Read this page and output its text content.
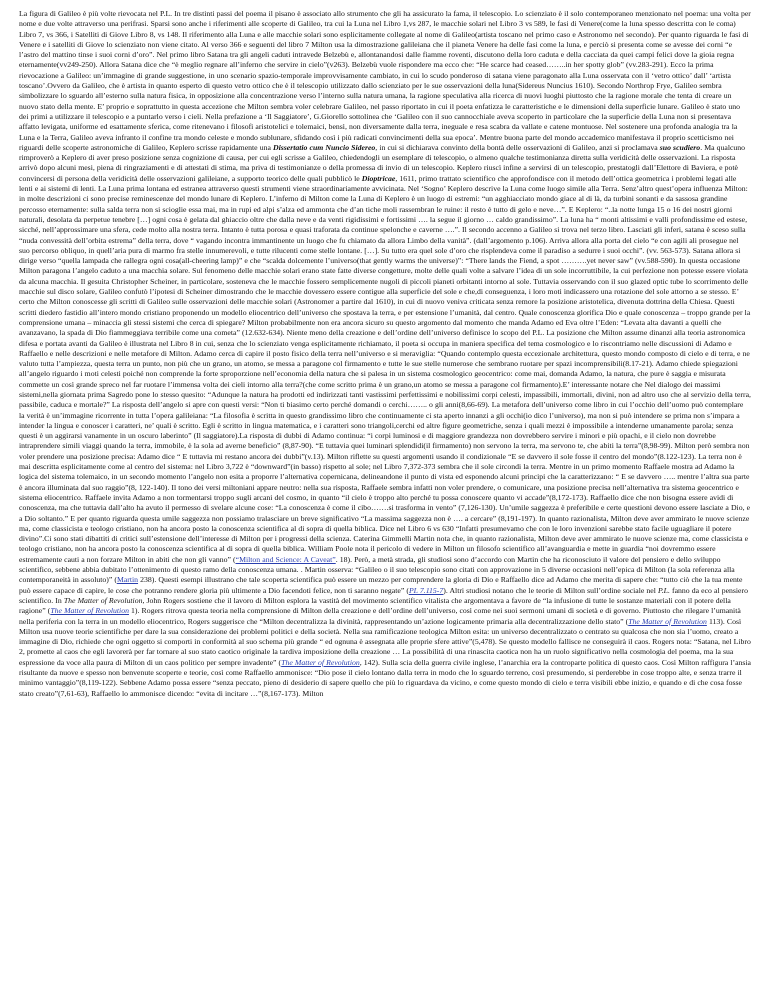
La figura di Galileo è più volte rievocata nel P.L. In tre distinti passi del poema il pisano è associato allo strumento che gli ha assicurato la fama, il telescopio. Lo scienziato è il solo contemporaneo menzionato nel poema: una volta per nome e due volte attraverso una perifrasi. Sparsi sono anche i riferimenti alle scoperte di Galileo, tra cui la Luna nel Libro 1,vs 287, le macchie solari nel Libro 3 vs 589, le fasi di Venere(come la luna spesso descritta con le coma) Libro 7, vs 366, i Satelliti di Giove Libro 8, vs 148. Il riferimento alla Luna e alle macchie solari sono esplicitamente collegate al nome di Galileo(artista toscano nel primo caso e Astronomo nel secondo). Per quanto riguarda le fasi di Venere e i satelliti di Giove lo scienziato non viene citato. Al verso 366 e seguenti del libro 7 Milton usa la dimostrazione galileiana che il pianeta Venere ha delle fasi come la luna, e perciò si presenta come se avesse dei corni “e l’astro del mattino tinse i suoi corni d’oro”. Nel primo libro Satana tra gli angeli caduti intravede Belzebù e, allontanandosi dalle fiamme roventi, discutono della loro caduta e della cacciata da quei campi felici dove la gioia regna eternamente(vv249-250). Allora Satana dice che “è meglio regnare all’inferno che servire in cielo”(v263). Belzebù vuole rispondere ma ecco che: “He scarce had ceased……..in her spotty glob” (vv.283-291). Ecco la prima rievocazione a Galileo: un’immagine di grande suggestione, in uno scenario spazio-temporale improvvisamente cambiato, in cui lo scudo ponderoso di satana viene paragonato alla Luna osservata con il ‘vetro ottico’ dall’ ‘artista toscano’.Ovvero da Galileo, che è artista in quanto esperto di questo vetro ottico che è il telescopio utilizzato dallo scienziato per le sue osservazioni della luna(Sidereus Nuncius 1610). Secondo Northrop Frye, Galileo sembra simbolizzare lo sguardo all’esterno sulla natura fisica, in opposizione alla concentrazione verso l’interno sulla natura umana, la ragione speculativa alla ricerca di nuovi luoghi piuttosto che la ragione morale che tenta di creare un nuovo stato della mente. E’ proprio e soprattutto in questa accezione che Milton sembra voler celebrare Galileo, nel passo riportato in cui il poeta enfatizza le caratteristiche e le dimensioni della superficie lunare. Galileo è stato uno dei primi a utilizzare il telescopio e a puntarlo verso i cieli. Nella prefazione a ‘Il Saggiatore’, G.Giorello sottolinea che ‘Galileo con il suo cannocchiale aveva scoperto in particolare che la superficie della Luna non si presentava affatto levigata, uniforme ed esattamente sferica, come ritenevano i filosofi aristotelici e tolemaici, bensì, non diversamente dalla terra, ineguale e resa scabra da vallate e catene montuose. Nel sostenere una profonda analogia tra la Luna e la Terra, Galileo aveva infranto il confine tra mondo celeste e mondo sublunare, sfidando così i più radicati convincimenti della sua epoca’. Mentre buona parte del mondo accademico manifestava il proprio scetticismo nei riguardi delle scoperte astronomiche di Galileo, Keplero scrisse rapidamente una Dissertatio cum Nuncio Sidereo, in cui si dichiarava convinto della bontà delle osservazioni di Galileo, anzi si proclamava suo scudiero. Ma qualcuno rimproverò a Keplero di aver preso posizione senza cognizione di causa, per cui egli scrisse a Galileo, chiedendogli un esemplare di telescopio, o almeno qualche testimonianza diretta sulla veridicità delle osservazioni. La risposta arrivò dopo alcuni mesi, piena di ringraziamenti e di attestati di stima, ma priva di testimonianze o della promessa di invio di un telescopio. Keplero riuscì infine a servirsi di un telescopio, prestatogli dall’Elettore di Baviera, e potè convincersi di persona della veridicità delle osservazioni galileiane, a supporto teorico delle quali pubblicò le Dioptricae, 1611, primo trattato scientifico che approfondisce con il metodo dell’ottica geometrica i problemi legati alle lenti e ai sistemi di lenti. La Luna prima lontana ed estranea attraverso questi strumenti viene straordinariamente avvicinata. Nel ‘Sogno’ Keplero descrive la Luna come luogo simile alla Terra. Senz’altro quest’opera influenza Milton: in molte descrizioni ci sono precise reminescenze del mondo lunare di Keplero. L’inferno di Milton come la Luna di Keplero è un luogo di estremi: “un agghiacciato mondo giace al di là, da turbini sonanti e da sassosa grandine percosso eternamente: sulla salda terra non si scioglie essa mai, ma in rupi ed alpi s’alza ed ammonta che d’an tiche moli rassembran le ruine: il resto è tutto di gelo e neve…”. E Keplero: “..la notte lunga 15 o 16 dei nostri giorni naturali, desolata da perpetue tenebre […] ogni cosa è gelata dal ghiaccio oltre che dalla neve e da venti rigidissimi e fortissimi …. la segue il giorno … caldo grandissimo”. La luna ha “ monti altissimi e valli profondissime ed estese, sicché, nell’approssimare una sfera, cede molto alla nostra terra. Intanto è tutta porosa e quasi traforata da continue spelonche e caverne ….”. Il secondo accenno a Galileo si trova nel terzo libro. Lasciati gli inferi, satana è sceso sulla “nuda convessità dell’orbita estrema” della terra, dove “ vagando incontra immantinente un luogo che fu chiamato da allora Limbo della vanità”. (dall’argomento p.106). Arriva allora alla porta del cielo “e con agili ali prosegue nel suo percorso obliquo, in quell’aria pura di marmo fra stelle innumerevoli, e tutte rilucenti come stelle lontane. […]. Su tutto era quel sole d’oro che risplendeva come il paradiso a sedurre i suoi occhi”. (vv. 563-573). Satana allora si dirige verso “quella lampada che rallegra ogni cosa(all-cheering lamp)” e che “scalda dolcemente l’universo(that gently warms the universe)”: “There lands the Fiend, a spot ……….yet never saw” (vv.588-590). In questa occasione Milton paragona l’angelo caduto a una macchia solare. Sul fenomeno delle macchie solari erano state fatte diverse congetture, molte delle quali volte a salvare l’idea di un sole incorruttibile, la cui perfezione non potesse essere violata da alcuna macchia. Il gesuita Christopher Scheiner, in particolare, sosteneva che le macchie fossero semplicemente nugoli di piccoli pianeti orbitanti intorno al sole. Tuttavia osservando con il suo glazed optic tube lo scorrimento delle macchie sul disco solare, Galileo confutò l’ipotesi di Scheiner dimostrando che le macchie dovessero essere contigue alla superficie del sole e che,di conseguenza, i loro moti indicassero una rotazione del sole attorno a se stesso. E’ certo che Milton conoscesse gli scritti di Galileo sulle osservazioni delle macchie solari (Astronomer a partire dal 1610), in cui di nuovo veniva criticata senza remore la posizione aristotelica, divenuta dottrina della Chiesa. Questi scritti diedero fastidio all’intero mondo cristiano proponendo un modello eliocentrico dell’universo che spostava la terra, e per estensione l’umanità, dal centro. Quale conoscenza glorifica Dio e quale conoscenza – troppo grande per la comprensione umana – minaccia gli stessi sistemi che cerca di spiegare? Milton probabilmente non era ancora sicuro su questo argomento dal momento che manda Adamo ed Eva oltre l’Eden: “Levata alta davanti a quelli che avanzavano, la spada di Dio fiammeggiava terribile come una cometa” (12.632-634). Niente meno della creazione e dell’ordine dell’universo definisce lo scopo del P.L. La posizione che Milton assume dinanzi alla teoria astronomica difesa e portata avanti da Galileo è illustrata nel Libro 8 in cui, senza che lo scienziato venga esplicitamente richiamato, il poeta si occupa in maniera specifica del tema cosmologico e lo riscontriamo nelle discussioni di Adamo e Raffaello e nelle descrizioni e nelle metafore di Milton. Adamo cerca di capire il posto fisico della terra nell’universo e si meraviglia: “Quando contemplo questa eccezionale architettura, questo mondo composto di cielo e di terra, e ne valuto tutta l’ampiezza, questa terra un punto, non più che un grano, un atomo, se messa a paragone col firmamento e tutte le sue stelle numerose che sembrano ruotare per spazi incomprensibili(8.17-21). Adamo chiede spiegazioni all’angelo riguardo i moti celesti poiché non comprende la forte sproporzione nell’economia della natura che si palesa in un sistema cosmologico geocentrico: come mai, domanda Adamo, la natura, che pure è saggia e misurata commette un così grande spreco nel far ruotare l’immensa volta dei cieli intorno alla terra?(che come scritto prima è un grano,un atomo se messa a paragone col firmamento).E’ interessante notare che Nel dialogo dei massimi sistemi,nella giornata prima Sagredo pone lo stesso quesito: “Adunque la natura ha prodotti ed indirizzati tanti vastissimi perfettissimi e nobilissimi corpi celesti, impassibili, immortali, divini, non ad altro uso che al servizio della terra, passibile, caduca e mortale?” La risposta dell’angelo si apre con questi versi: “Non ti biasimo certo perché domandi o cerchi…….. o gli anni(8,66-69). La metafora dell’universo come libro in cui l’occhio dell’uomo può contemplare la verità è un’immagine ricorrente in tutta l’opera galileiana: “La filosofia è scritta in questo grandissimo libro che continuamente ci sta aperto innanzi a gli occhi(io dico l’universo), ma non si può intendere se prima non s’impara a intender la lingua e conoscer i caratteri, ne’ quali è scritto. Egli è scritto in lingua matematica, e i caratteri sono triangoli,cerchi ed altre figure geometriche, senza i quali mezzi è impossibile a intenderne umanamente parola; senza questi è un aggirarsi vanamente in un oscuro laberinto” (Il saggiatore).La risposta di dubbi di Adamo continua: “i corpi luminosi e di maggiore grandezza non dovrebbero servire i minori e più opachi, e il cielo non dovrebbe intraprendere simili viaggi quando la terra, immobile, è la sola ad averne beneficio” (8,87-90). “E tuttavia quei luminari splendidi(il firmamento) non servono la terra, ma servono te, che abiti la terra”(8,98-99). Milton però sembra non voler prendere una posizione precisa: Adamo dice “ E tuttavia mi restano ancora dei dubbi”(v.13). Milton riflette su questi argomenti usando il condizionale “E se davvero il sole fosse il centro del mondo”(8.122-123). La terra non è mai descritta esplicitamente come al centro del sistema: nel Libro 3,722 è “downward”(in basso) rispetto al sole; nel Libro 7,372-373 sembra che il sole circondi la terra. Mentre in un primo momento Raffaele mostra ad Adamo la logica del sistema tolemaico, in un secondo momento l’angelo non esita a proporre l’alternativa copernicana, delineandone il punto di vista ed esponendo alcuni principi che la caratterizzano: “ E se davvero ….. mentre l’altra sua parte è ancora illuminata dal suo raggio”(8, 122-140). Il tono dei versi miltoniani appare neutro: nella sua risposta, Raffaele sembra infatti non voler prendere, o comunicare, una posizione precisa nell’alternativa tra sistema geocentrico e sistema eliocentrico. Raffaele invita Adamo a non tormentarsi troppo sugli arcani del cosmo, in quanto “il cielo è troppo alto perché tu possa conoscere quanto vi accade”(8,172-173). Raffaello dice che non bisogna essere avidi di conoscenza, ma che tuttavia dall’alto ha avuto il permesso di svelare alcune cose: “La conoscenza è come il cibo…….si trasforma in vento” (7,126-130). Un’umile saggezza è preferibile e certe questioni devono essere lasciate a Dio, e a Dio soltanto.” E per quanto riguarda questa umile saggezza non possiamo tralasciare un breve significativo “La massima saggezza non è …. a cercare” (8,191-197). In quanto razionalista, Milton deve aver ammirato le nuove scienze ma, come classicista e teologo cristiano, non ha ancora posto la conoscenza scientifica al di sopra di quella biblica. Dice nel Libro 6 vs 630 “Infatti presumevamo che con le loro invenzioni sarebbe stato facile uguagliare il potere divino”.Ci sono stati dibattiti di critici sull’estensione dell’interesse di Milton per i progressi della scienza. Caterina Gimmelli Martin nota che, in quanto razionalista, Milton deve aver ammirato le nuove scienze ma, come classicista e teologo cristiano, non ha ancora posto la conoscenza scientifica al di sopra di quella biblica. William Poole nota il pericolo di vedere in Milton un filosofo scientifico all’avanguardia e mette in guardia “noi dovremmo essere estremamente cauti a non forzare Milton in abiti che non gli vanno” (“Milton and Science: A Caveat”. 18). Però, a metà strada, gli studiosi sono d’accordo con Martin che ha riconosciuto il valore del pensiero e dello sviluppo scientifico, sebbene abbia dubitato l’ottenimento di questo ramo della conoscenza umana. . Martin osserva: “Galileo o il suo telescopio sono citati con approvazione in 5 diverse occasioni nell’epica di Milton (la sola referenza alla contemporaneità in assoluto)” (Martin 238). Questi esempi illustrano che tale scoperta scientifica può essere un mezzo per comprendere la gloria di Dio e Raffaello dice ad Adamo che merita di sapere che: “tutto ciò che la tua mente può essere capace di capire, le cose che potranno rendere gloria più ultimente a Dio facendoti felice, non ti saranno negate” (PL 7.115-7). Altri studiosi notano che le teorie di Milton sull’ordine sociale nel P.L. fanno da eco al pensiero scientifico. In The Matter of Revolution, John Rogers sostiene che il lavoro di Milton esplora la vastità del movimento scientifico vitalista che argomentava a favore de “la infusione di tutte le sostanze materiali con il potere della ragione” (The Matter of Revolution 1). Rogers ritrova questa teoria nella comprensione di Milton della creazione e dell’ordine dell’universo, così come nei suoi sermoni umani di società e di governo. Piuttosto che rilegare l’umanità nella periferia con la terra in un modello eliocentrico, Rogers suggerisce che “Milton decentralizza la divinità, rappresentando un’azione logicamente primaria alla decentralizzazione dello stato” (The Matter of Revolution 113). Così Milton usa nuove teorie scientifiche per dare la sua considerazione dei problemi politici e della società. Nella sua ramificazione teologica Milton esita: un universo decentralizzato o centrato su qualcosa che non sia l’uomo, creato a immagine di Dio, richiede che ogni oggetto si comporti in conformità al suo schema più grande “ ed ognuna è assegnata alle proprie sfere attive”(5,478). Se questo modello fallisce ne conseguirà il caos. Rogers nota: “Satana, nel Libro 2, promette al caos che egli lavorerà per far tornare al suo stato caotico originale la tardiva imposizione della creazione … La possibilità di una rinascita caotica non ha un ruolo significativo nella cosmologia del poema, ma la sua espressione da voce alla paura di Milton di un caos politico per sempre invadente” (The Matter of Revolution, 142). Sulla scia della guerra civile inglese, l’anarchia era la controparte politica di questo caos. Così Milton raffigura l’ansia risultante da nuove e spesso non benvenute scoperte e teorie, così come Raffaello ammonisce: “Dio pose il cielo lontano dalla terra in modo che lo sguardo terreno, così presumendo, si perderebbe in cose troppo alte, e senza trarre il minimo vantaggio”(8,119-122). Sebbene Adamo possa essere “senza peccato, pieno di desiderio di sapere quello che più lo riguardava da vicino, e come questo mondo di cielo e terra visibili ebbe inizio, e quando e di che cosa fosse stato creato”(7,61-63), Raffaello lo ammonisce dicendo: “evita di incitare …”(8,167-173). Milton
